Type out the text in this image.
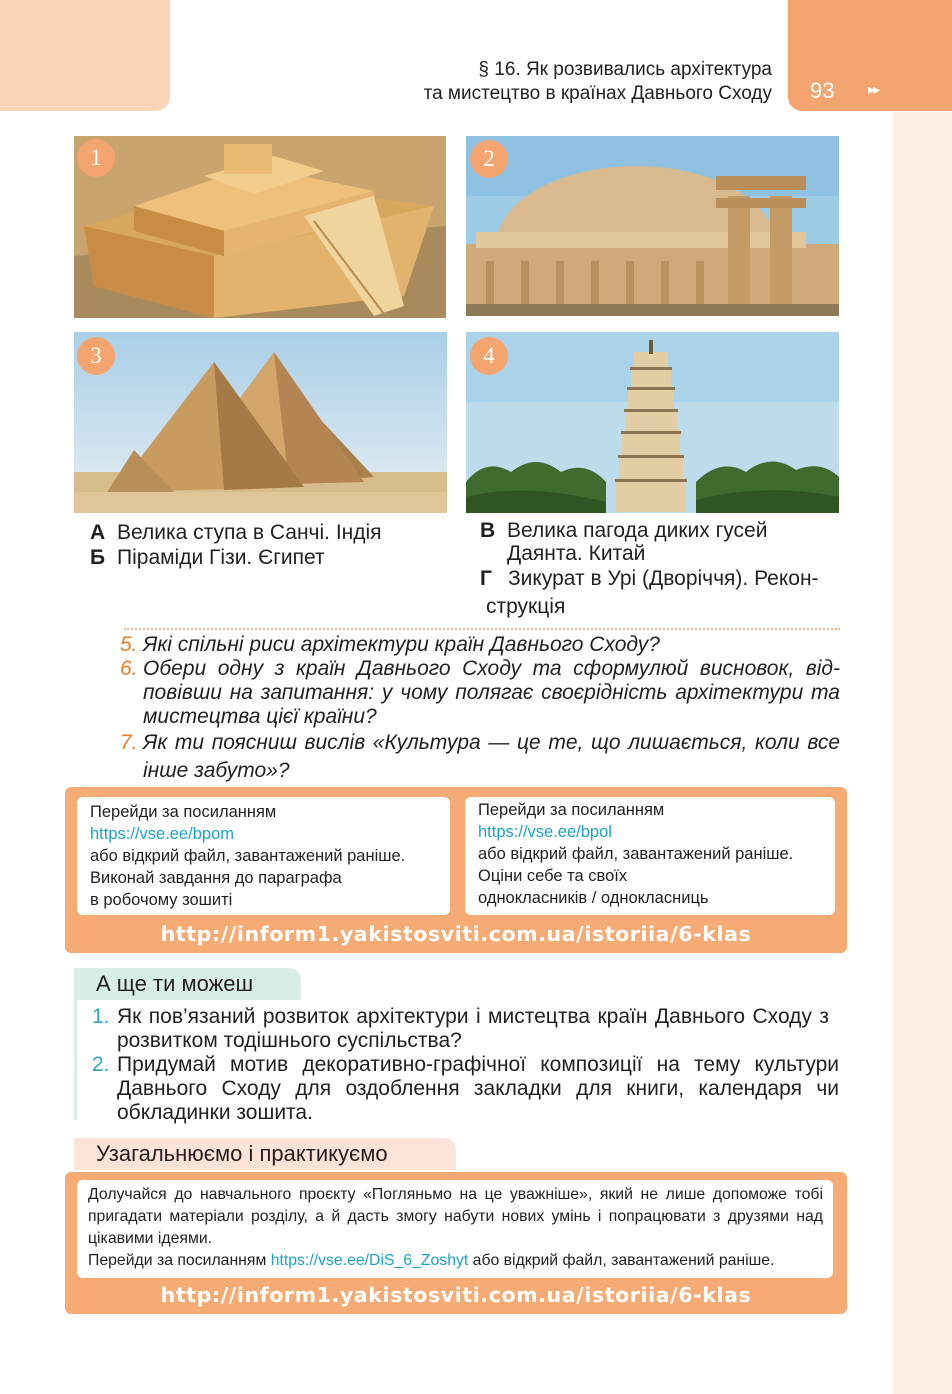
93 ▸▸
§ 16. Як розвивались архітектура
та мистецтво в країнах Давнього Сходу
1	2
3	4
А Велика ступа в Санчі. Індія
Б Піраміди Гізи. Єгипет
В Велика пагода диких гусей
Даянта. Китай
Г Зикурат в Урі (Дворіччя). Рекон-
струкція
5. Які спільні риси архітектури країн Давнього Сходу?
6. Обери одну з країн Давнього Сходу та сформулюй висновок, відповівши на запитання: у чому полягає своєрідність архітектури та мистецтва цієї країни?
7. Як ти поясниш вислів «Культура — це те, що лишається, коли все інше забуто»?
Перейди за посиланням
https://vse.ee/bpom
або відкрий файл, завантажений раніше.
Виконай завдання до параграфа
в робочому зошиті
Перейди за посиланням
https://vse.ee/bpol
або відкрий файл, завантажений раніше.
Оціни себе та своїх
однокласників / однокласниць
http://inform1.yakistosviti.com.ua/istoriia/6-klas
А ще ти можеш
1. Як пов’язаний розвиток архітектури і мистецтва країн Давнього Сходу з розвитком тодішнього суспільства?
2. Придумай мотив декоративно-графічної композиції на тему культури Давнього Сходу для оздоблення закладки для книги, календаря чи обкладинки зошита.
Узагальнюємо і практикуємо
http://inform1.yakistosviti.com.ua/istoriia/6-klas
Долучайся до навчального проєкту «Погляньмо на це уважніше», який не лише допоможе тобі пригадати матеріали розділу, а й дасть змогу набути нових умінь і попрацювати з друзями над цікавими ідеями.
Перейди за посиланням https://vse.ee/DiS_6_Zoshyt або відкрий файл, завантажений раніше.
